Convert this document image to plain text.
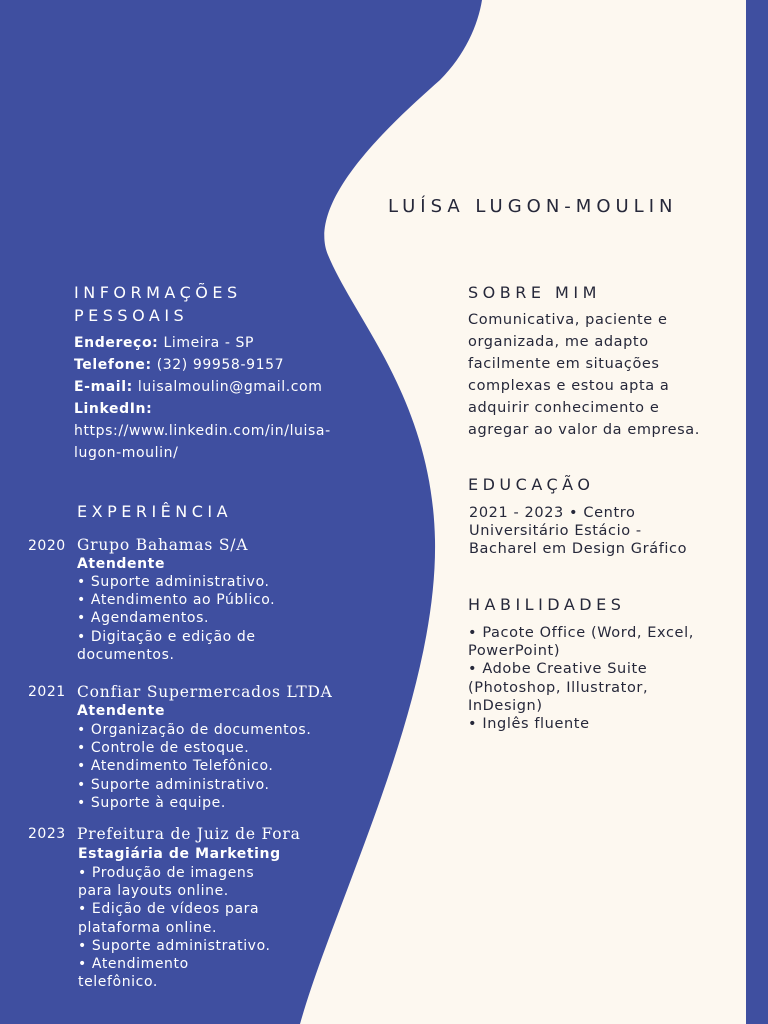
LUÍSA LUGON-MOULIN
INFORMAÇÕES
PESSOAIS
Endereço: Limeira - SP
Telefone: (32) 99958-9157
E-mail: luisalmoulin@gmail.com
LinkedIn:
https://www.linkedin.com/in/luisa-
lugon-moulin/
EXPERIÊNCIA
2020 Grupo Bahamas S/A
Atendente
• Suporte administrativo.
• Atendimento ao Público.
• Agendamentos.
• Digitação e edição de
documentos.
2021 Confiar Supermercados LTDA
Atendente
• Organização de documentos.
• Controle de estoque.
• Atendimento Telefônico.
• Suporte administrativo.
• Suporte à equipe.
2023 Prefeitura de Juiz de Fora
Estagiária de Marketing
• Produção de imagens
para layouts online.
• Edição de vídeos para
plataforma online.
• Suporte administrativo.
• Atendimento
telefônico.
SOBRE MIM
Comunicativa, paciente e
organizada, me adapto
facilmente em situações
complexas e estou apta a
adquirir conhecimento e
agregar ao valor da empresa.
EDUCAÇÃO
2021 - 2023 • Centro
Universitário Estácio -
Bacharel em Design Gráfico
HABILIDADES
• Pacote Office (Word, Excel,
PowerPoint)
• Adobe Creative Suite
(Photoshop, Illustrator,
InDesign)
• Inglês fluente
